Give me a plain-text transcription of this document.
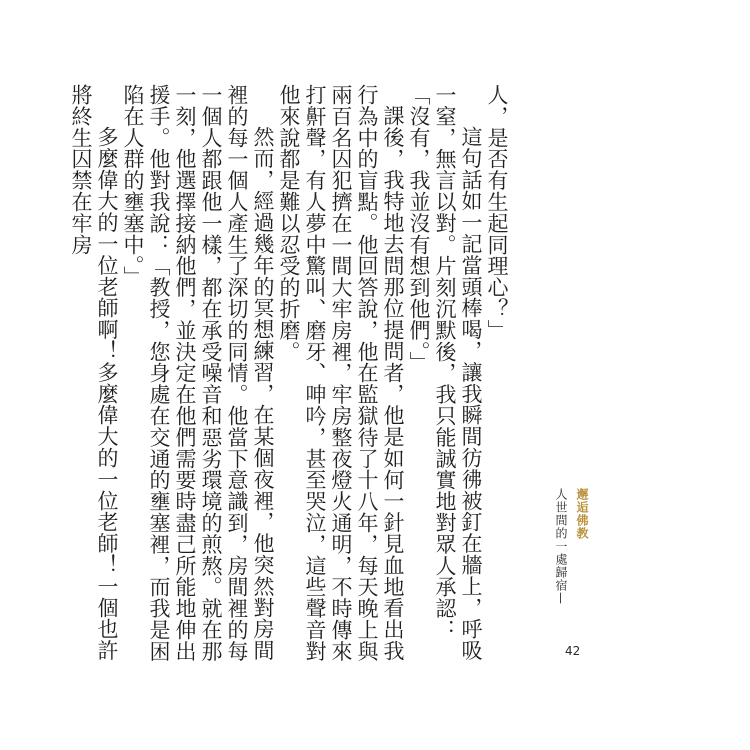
人，是否有生起同理心？」

這句話如一記當頭棒喝，讓我瞬間彷彿被釘在牆上，呼吸一窒，無言以對。片刻沉默後，我只能誠實地對眾人承認：「沒有，我並沒有想到他們。」

課後，我特地去問那位提問者，他是如何一針見血地看出我行為中的盲點。他回答說，他在監獄待了十八年，每天晚上與兩百名囚犯擠在一間大牢房裡，牢房整夜燈火通明，不時傳來打鼾聲，有人夢中驚叫、磨牙、呻吟，甚至哭泣，這些聲音對他來說都是難以忍受的折磨。

然而，經過幾年的冥想練習，在某個夜裡，他突然對房間裡的每一個人產生了深切的同情。他當下意識到，房間裡的每一個人都跟他一樣，都在承受噪音和惡劣環境的煎熬。就在那一刻，他選擇接納他們，並決定在他們需要時盡己所能地伸出援手。他對我說：「教授，您身處在交通的壅塞裡，而我是困陷在人群的壅塞中。」

多麼偉大的一位老師啊！多麼偉大的一位老師！一個也許將終生囚禁在牢房

邂逅佛教
人世間的一處歸宿—
42
